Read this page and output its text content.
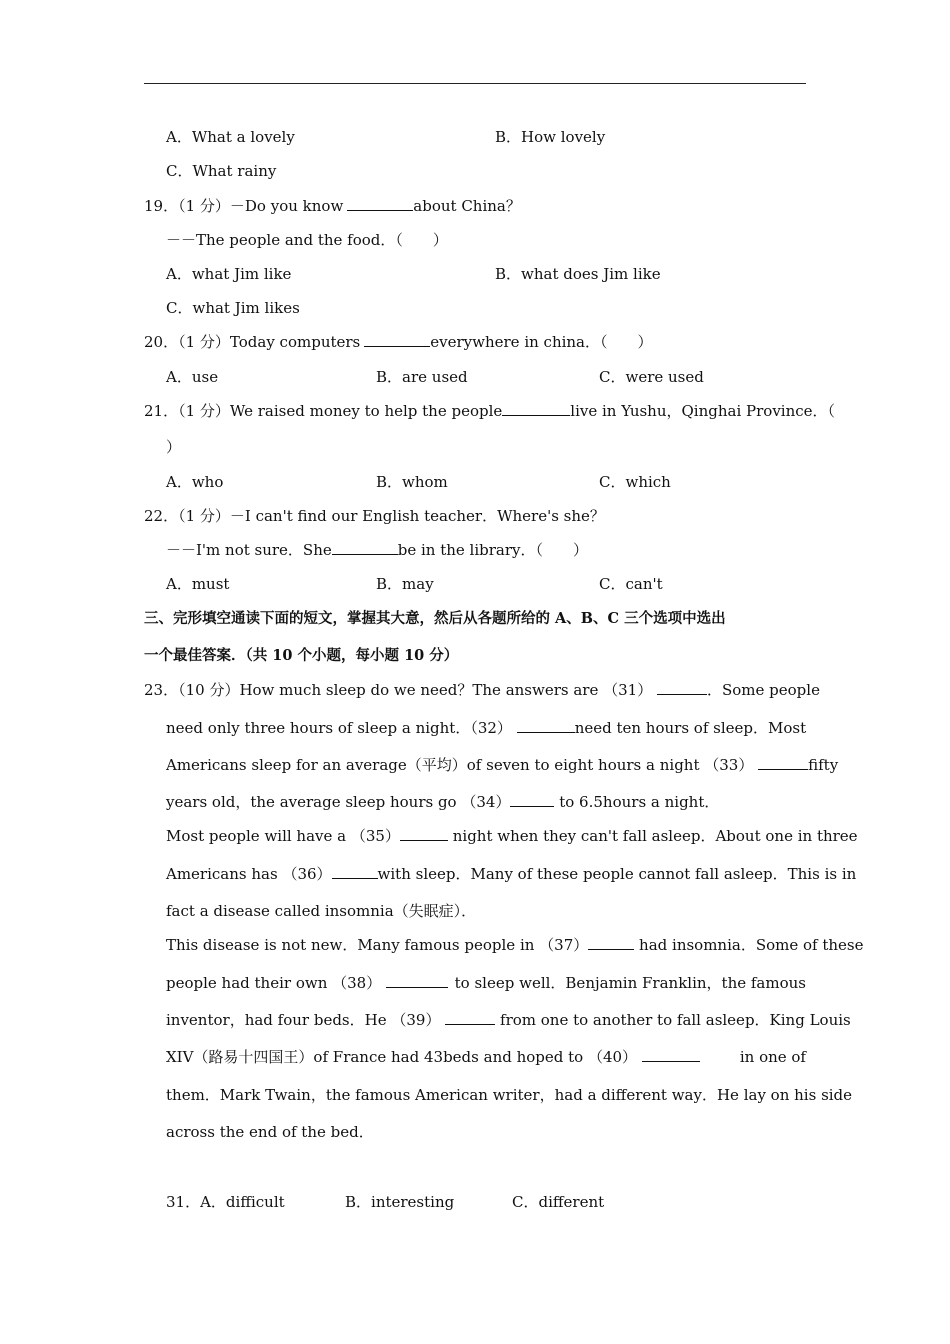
A．What a lovely	B．How lovely
C．What rainy
19．（1 分）－Do you know	about China？
－－The people and the food．（　　）
A．what Jim like	B．what does Jim like
C．what Jim likes
20．（1 分）Today computers	everywhere in china．（　　）
A．use	B．are used	C．were used
21．（1 分）We raised money to help the people	live in Yushu，Qinghai Province．（
）
A．who	B．whom	C．which
22．（1 分）－I can't find our English teacher．Where's she？
－－I'm not sure．She	be in the library．（　　）
A．must	B．may	C．can't
三、完形填空通读下面的短文，掌握其大意，然后从各题所给的 A、B、C 三个选项中选出
一个最佳答案．（共 10 个小题，每小题 10 分）
23．（10 分）How much sleep do we need？The answers are （31）	．Some people
need only three hours of sleep a night．（32）	need ten hours of sleep．Most
Americans sleep for an average（平均）of seven to eight hours a night （33）	fifty
years old，the average sleep hours go （34）	to 6.5hours a night．
Most people will have a （35）	night when they can't fall asleep．About one in three
Americans has （36）	with sleep．Many of these people cannot fall asleep．This is in
fact a disease called insomnia（失眠症）．
This disease is not new．Many famous people in （37）	had insomnia．Some of these
people had their own （38）	to sleep well．Benjamin Franklin，the famous
inventor，had four beds．He （39）	from one to another to fall asleep．King Louis
XIV（路易十四国王）of France had 43beds and hoped to （40）	in one of
them．Mark Twain，the famous American writer，had a different way．He lay on his side
across the end of the bed．
31．A．difficult	B．interesting	C．different
